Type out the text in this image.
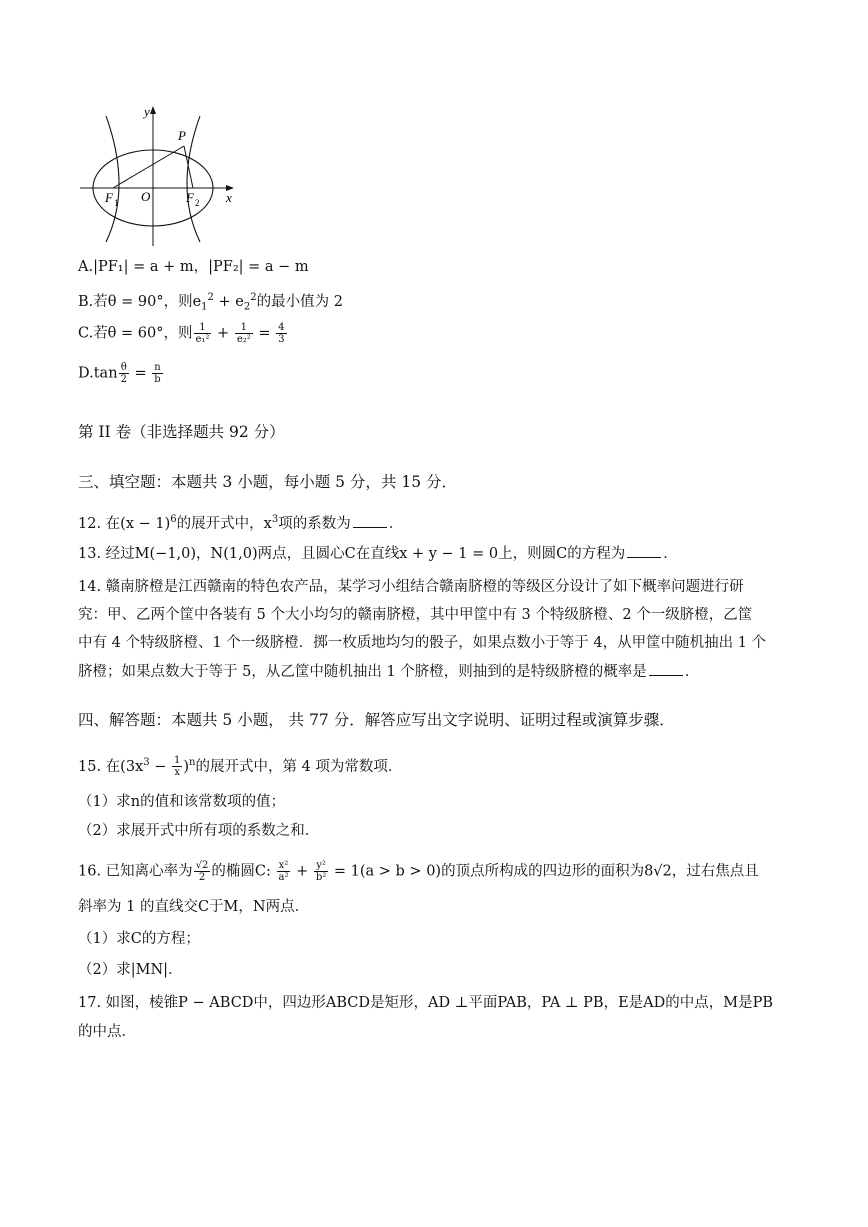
y
x
P
O
F 1	F 2
A.|PF₁| = a + m，|PF₂| = a − m
B.若θ = 90°，则$e_1^2 + e_2^2$的最小值为 2
C.若θ = 60°，则 $\frac{1}{\text{e₁²}} + \frac{1}{\text{e₂²}} = \frac{4}{3}$
$D.\tan \frac{\theta}{2} = \frac{n}{b}$
第 II 卷（非选择题共 92 分）
三、填空题：本题共 3 小题，每小题 5 分，共 15 分．
12. 在$(x - 1)^6$的展开式中，$x^3$项的系数为	．
13. 经过M(−1,0)，N(1,0)两点，且圆心C在直线x + y − 1 = 0上，则圆C的方程为	．
14. 赣南脐橙是江西赣南的特色农产品，某学习小组结合赣南脐橙的等级区分设计了如下概率问题进行研
究：甲、乙两个筐中各装有 5 个大小均匀的赣南脐橙，其中甲筐中有 3 个特级脐橙、2 个一级脐橙，乙筐
中有 4 个特级脐橙、1 个一级脐橙．掷一枚质地均匀的骰子，如果点数小于等于 4，从甲筐中随机抽出 1 个
脐橙；如果点数大于等于 5，从乙筐中随机抽出 1 个脐橙，则抽到的是特级脐橙的概率是	．
四、解答题：本题共 5 小题， 共 77 分．解答应写出文字说明、证明过程或演算步骤．
15. 在$(3x^3 - \frac{1}{x} )^n$的展开式中，第 4 项为常数项．
（1）求n的值和该常数项的值；
（2）求展开式中所有项的系数之和．
16. 已知离心率为 $\frac{√2}{2}$ 的椭圆C: $\frac{\text{x²}}{\text{a²}} + \frac{\text{y²}}{\text{b²}} = 1(a > b > 0)$的顶点所构成的四边形的面积为8√2，过右焦点且
斜率为 1 的直线交C于M，N两点．
（1）求C的方程；
（2）求|MN|．
17. 如图，棱锥P − ABCD中，四边形ABCD是矩形，AD ⊥平面PAB，PA ⊥ PB，E是AD的中点，M是PB
的中点．
